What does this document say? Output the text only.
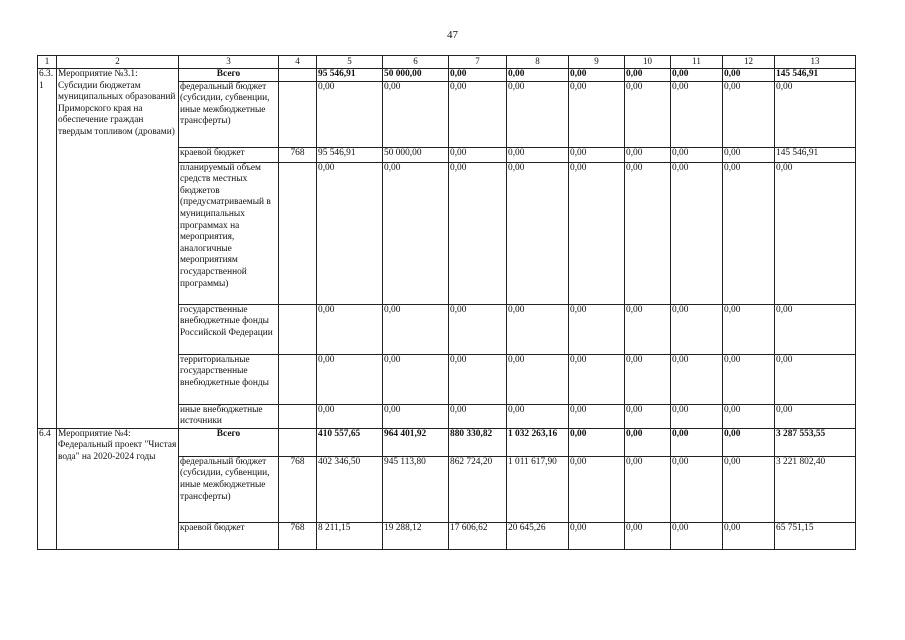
47
1	2	3	4	5	6	7	8	9	10	11	12	13
6.3.1	Мероприятие №3.1: Субсидии бюджетам муниципальных образований Приморского края на обеспечение граждан твердым топливом (дровами)	Всего		95 546,91	50 000,00	0,00	0,00	0,00	0,00	0,00	0,00	145 546,91
		федеральный бюджет (субсидии, субвенции, иные межбюджетные трансферты)		0,00	0,00	0,00	0,00	0,00	0,00	0,00	0,00	0,00
		краевой бюджет	768	95 546,91	50 000,00	0,00	0,00	0,00	0,00	0,00	0,00	145 546,91
		планируемый объем средств местных бюджетов (предусматриваемый в муниципальных программах на мероприятия, аналогичные мероприятиям государственной программы)		0,00	0,00	0,00	0,00	0,00	0,00	0,00	0,00	0,00
		государственные внебюджетные фонды Российской Федерации		0,00	0,00	0,00	0,00	0,00	0,00	0,00	0,00	0,00
		территориальные государственные внебюджетные фонды		0,00	0,00	0,00	0,00	0,00	0,00	0,00	0,00	0,00
		иные внебюджетные источники		0,00	0,00	0,00	0,00	0,00	0,00	0,00	0,00	0,00
6.4	Мероприятие №4: Федеральный проект "Чистая вода" на 2020-2024 годы	Всего		410 557,65	964 401,92	880 330,82	1 032 263,16	0,00	0,00	0,00	0,00	3 287 553,55
		федеральный бюджет (субсидии, субвенции, иные межбюджетные трансферты)	768	402 346,50	945 113,80	862 724,20	1 011 617,90	0,00	0,00	0,00	0,00	3 221 802,40
		краевой бюджет	768	8 211,15	19 288,12	17 606,62	20 645,26	0,00	0,00	0,00	0,00	65 751,15
